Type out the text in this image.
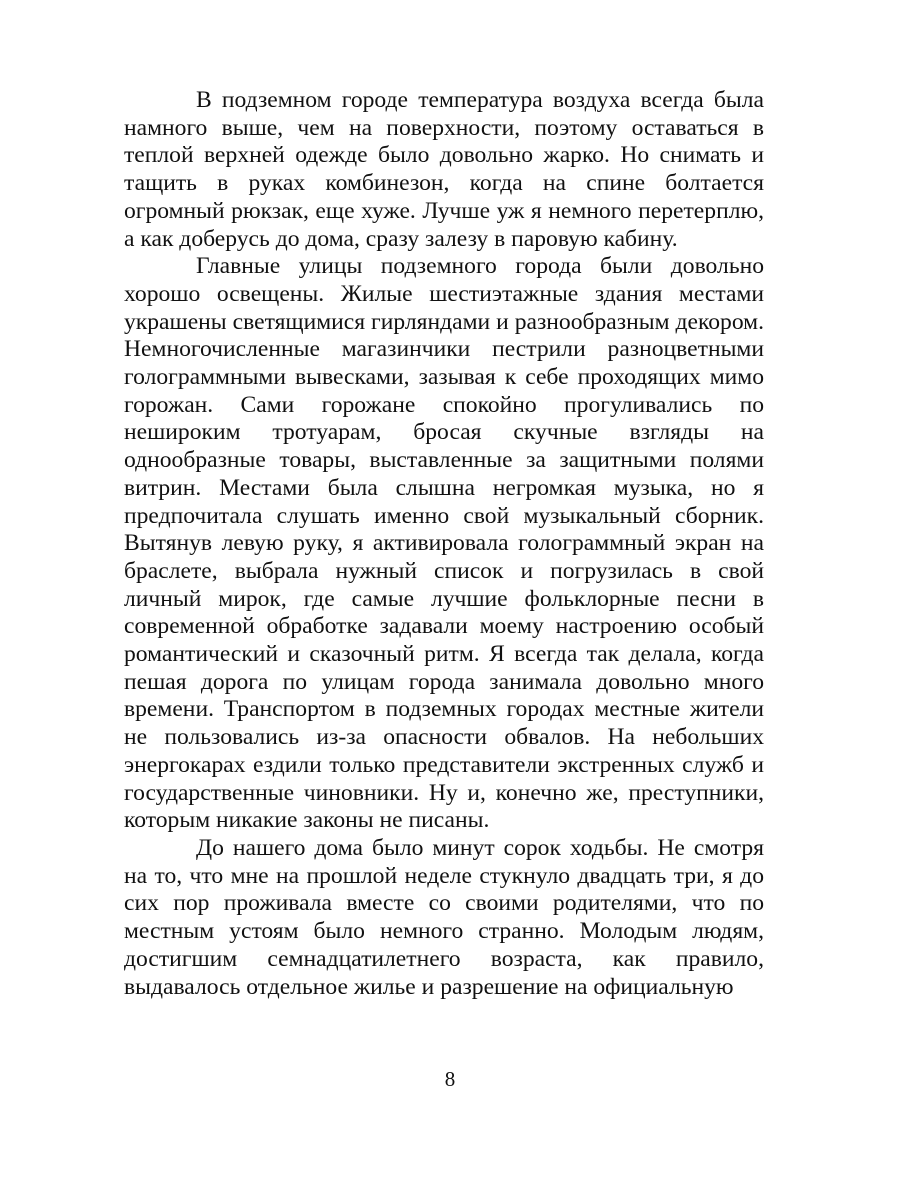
В подземном городе температура воздуха всегда была намного выше, чем на поверхности, поэтому оставаться в теплой верхней одежде было довольно жарко. Но снимать и тащить в руках комбинезон, когда на спине болтается огромный рюкзак, еще хуже. Лучше уж я немного перетерплю, а как доберусь до дома, сразу залезу в паровую кабину.

Главные улицы подземного города были довольно хорошо освещены. Жилые шестиэтажные здания местами украшены светящимися гирляндами и разнообразным декором. Немногочисленные магазинчики пестрили разноцветными голограммными вывесками, зазывая к себе проходящих мимо горожан. Сами горожане спокойно прогуливались по нешироким тротуарам, бросая скучные взгляды на однообразные товары, выставленные за защитными полями витрин. Местами была слышна негромкая музыка, но я предпочитала слушать именно свой музыкальный сборник. Вытянув левую руку, я активировала голограммный экран на браслете, выбрала нужный список и погрузилась в свой личный мирок, где самые лучшие фольклорные песни в современной обработке задавали моему настроению особый романтический и сказочный ритм. Я всегда так делала, когда пешая дорога по улицам города занимала довольно много времени. Транспортом в подземных городах местные жители не пользовались из-за опасности обвалов. На небольших энергокарах ездили только представители экстренных служб и государственные чиновники. Ну и, конечно же, преступники, которым никакие законы не писаны.

До нашего дома было минут сорок ходьбы. Не смотря на то, что мне на прошлой неделе стукнуло двадцать три, я до сих пор проживала вместе со своими родителями, что по местным устоям было немного странно. Молодым людям, достигшим семнадцатилетнего возраста, как правило, выдавалось отдельное жилье и разрешение на официальную

8
